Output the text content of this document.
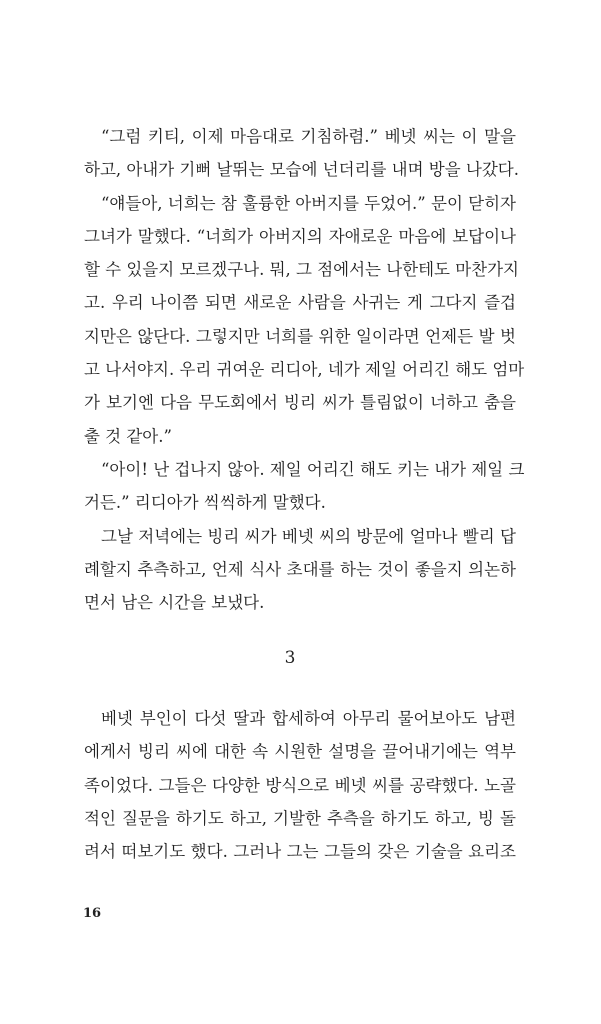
“그럼 키티, 이제 마음대로 기침하렴.” 베넷 씨는 이 말을
하고, 아내가 기뻐 날뛰는 모습에 넌더리를 내며 방을 나갔다.
“얘들아, 너희는 참 훌륭한 아버지를 두었어.” 문이 닫히자
그녀가 말했다. “너희가 아버지의 자애로운 마음에 보답이나
할 수 있을지 모르겠구나. 뭐, 그 점에서는 나한테도 마찬가지
고. 우리 나이쯤 되면 새로운 사람을 사귀는 게 그다지 즐겁
지만은 않단다. 그렇지만 너희를 위한 일이라면 언제든 발 벗
고 나서야지. 우리 귀여운 리디아, 네가 제일 어리긴 해도 엄마
가 보기엔 다음 무도회에서 빙리 씨가 틀림없이 너하고 춤을
출 것 같아.”
“아이! 난 겁나지 않아. 제일 어리긴 해도 키는 내가 제일 크
거든.” 리디아가 씩씩하게 말했다.
그날 저녁에는 빙리 씨가 베넷 씨의 방문에 얼마나 빨리 답
례할지 추측하고, 언제 식사 초대를 하는 것이 좋을지 의논하
면서 남은 시간을 보냈다.
3
베넷 부인이 다섯 딸과 합세하여 아무리 물어보아도 남편
에게서 빙리 씨에 대한 속 시원한 설명을 끌어내기에는 역부
족이었다. 그들은 다양한 방식으로 베넷 씨를 공략했다. 노골
적인 질문을 하기도 하고, 기발한 추측을 하기도 하고, 빙 돌
려서 떠보기도 했다. 그러나 그는 그들의 갖은 기술을 요리조
16
